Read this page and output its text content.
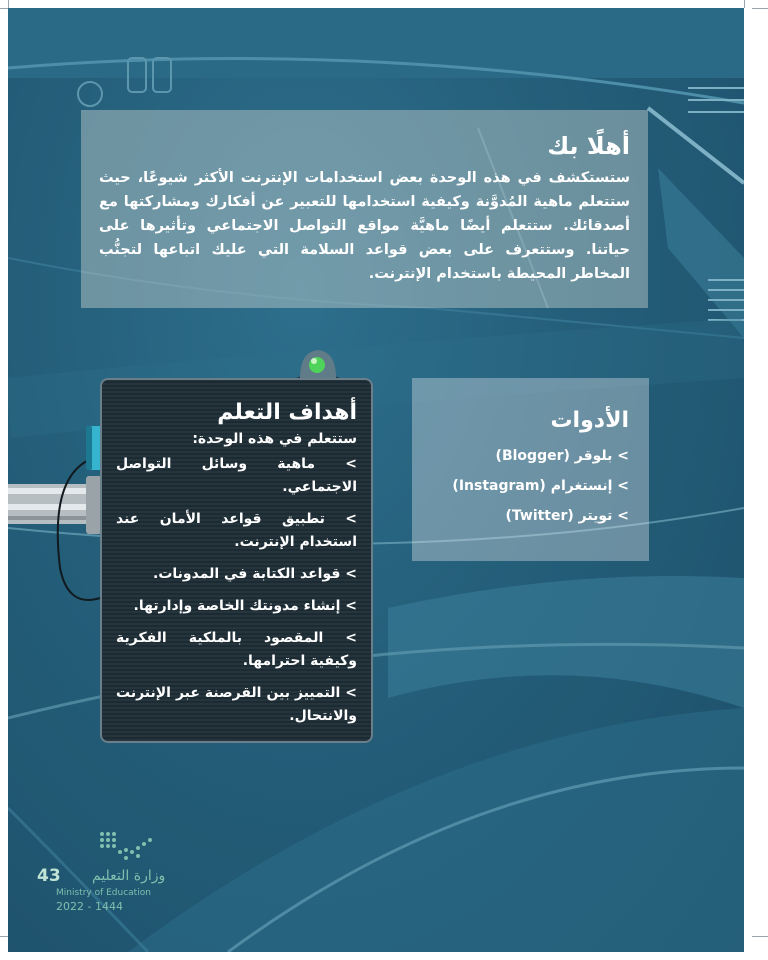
أهلًا بك

ستستكشف في هذه الوحدة بعض استخدامات الإنترنت الأكثر شيوعًا، حيث ستتعلم ماهية المُدوَّنة وكيفية استخدامها للتعبير عن أفكارك ومشاركتها مع أصدقائك. ستتعلم أيضًا ماهيَّة مواقع التواصل الاجتماعي وتأثيرها على حياتنا. وستتعرف على بعض قواعد السلامة التي عليك اتباعها لتجنُّب المخاطر المحيطة باستخدام الإنترنت.

الأدوات
> بلوقر (Blogger)
> إنستغرام (Instagram)
> تويتر (Twitter)
أهداف التعلم
ستتعلم في هذه الوحدة:
> ماهية وسائل التواصل الاجتماعي.
> تطبيق قواعد الأمان عند استخدام الإنترنت.
> قواعد الكتابة في المدونات.
> إنشاء مدونتك الخاصة وإدارتها.
> المقصود بالملكية الفكرية وكيفية احترامها.
> التمييز بين القرصنة عبر الإنترنت والانتحال.
وزارة التعليم
Ministry of Education
2022 - 1444
43
